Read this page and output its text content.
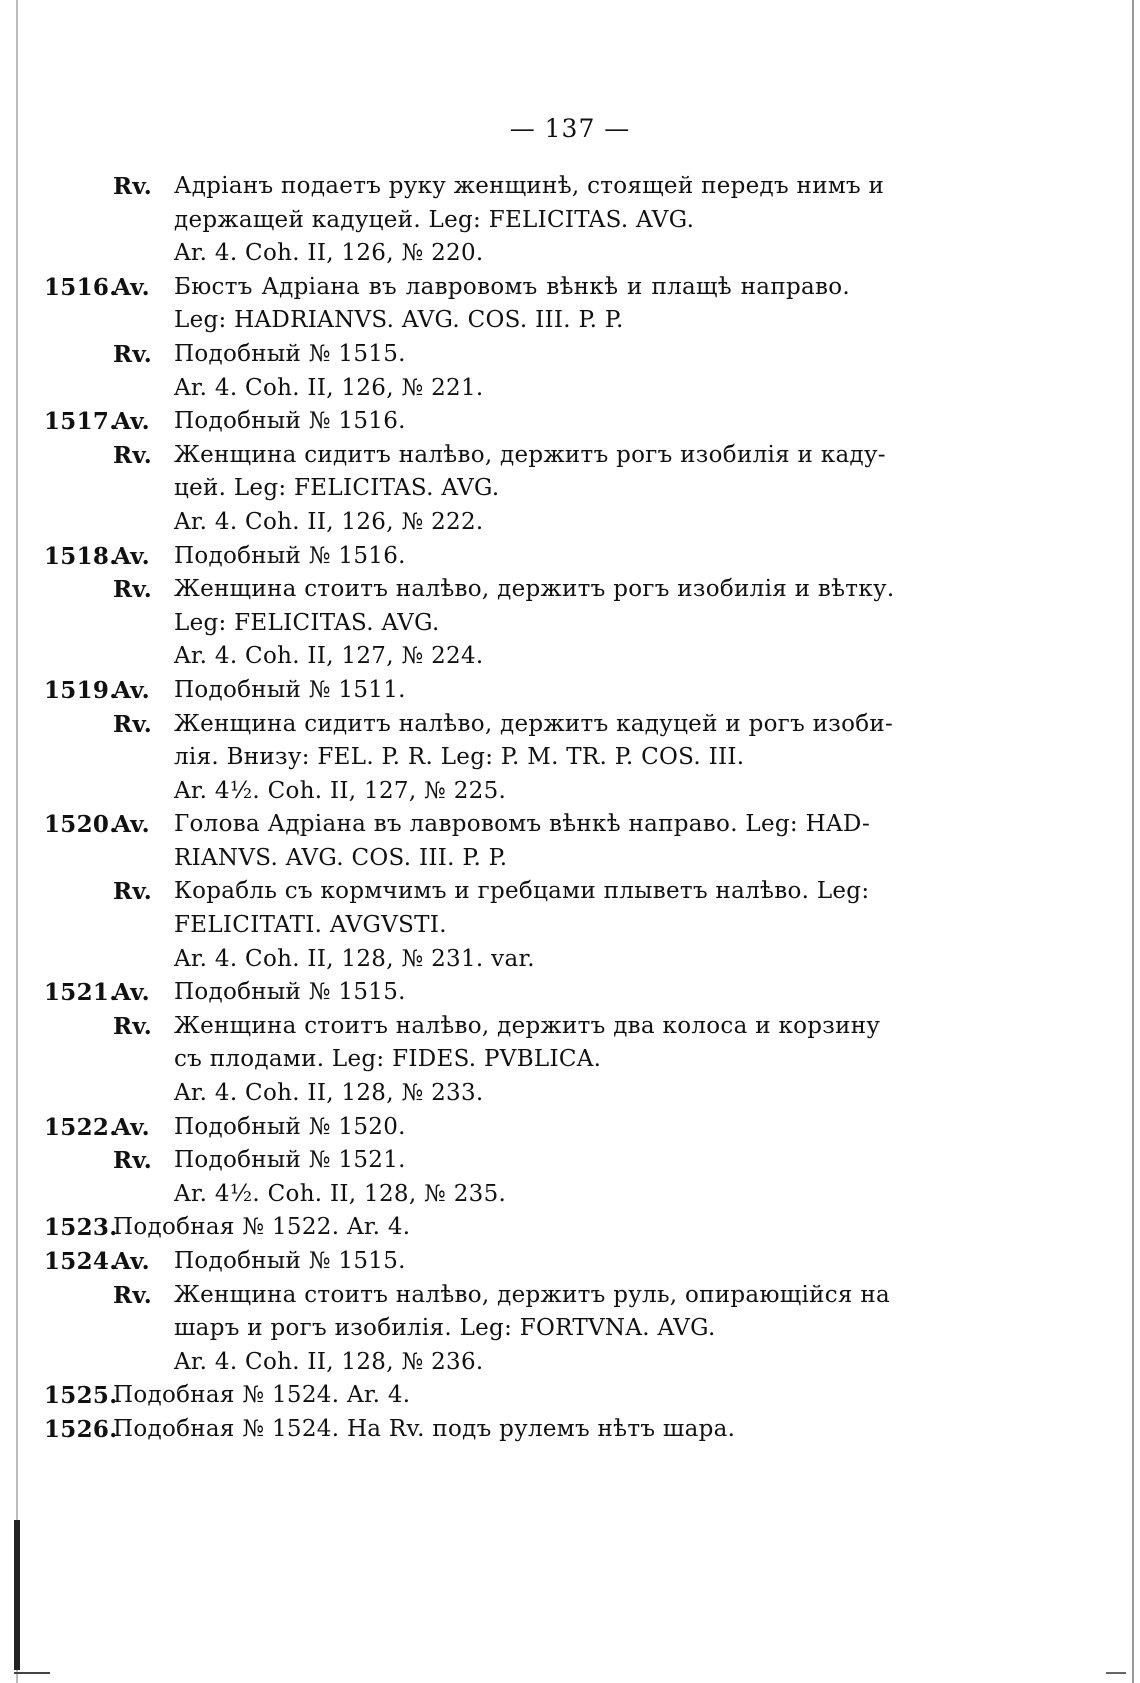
— 137 —
Rv. Адріанъ подаетъ руку женщинѣ, стоящей передъ нимъ и
держащей кадуцей. Leg: FELICITAS. AVG.
Ar. 4. Coh. II, 126, № 220.
1516.
Av. Бюстъ Адріана въ лавровомъ вѣнкѣ и плащѣ направо.
Leg: HADRIANVS. AVG. COS. III. P. P.
Rv. Подобный № 1515.
Ar. 4. Coh. II, 126, № 221.
1517.
Av. Подобный № 1516.
Rv. Женщина сидитъ налѣво, держитъ рогъ изобилія и каду-
цей. Leg: FELICITAS. AVG.
Ar. 4. Coh. II, 126, № 222.
1518.
Av. Подобный № 1516.
Rv. Женщина стоитъ налѣво, держитъ рогъ изобилія и вѣтку.
Leg: FELICITAS. AVG.
Ar. 4. Coh. II, 127, № 224.
1519.
Av. Подобный № 1511.
Rv. Женщина сидитъ налѣво, держитъ кадуцей и рогъ изоби-
лія. Внизу: FEL. P. R. Leg: P. M. TR. P. COS. III.
Ar. 4½. Coh. II, 127, № 225.
1520.
Av. Голова Адріана въ лавровомъ вѣнкѣ направо. Leg: HAD-
RIANVS. AVG. COS. III. P. P.
Rv. Корабль съ кормчимъ и гребцами плыветъ налѣво. Leg:
FELICITATI. AVGVSTI.
Ar. 4. Coh. II, 128, № 231. var.
1521.
Av. Подобный № 1515.
Rv. Женщина стоитъ налѣво, держитъ два колоса и корзину
съ плодами. Leg: FIDES. PVBLICA.
Ar. 4. Coh. II, 128, № 233.
1522.
Av. Подобный № 1520.
Rv. Подобный № 1521.
Ar. 4½. Coh. II, 128, № 235.
1523.
Подобная № 1522. Ar. 4.
1524.
Av. Подобный № 1515.
Rv. Женщина стоитъ налѣво, держитъ руль, опирающійся на
шаръ и рогъ изобилія. Leg: FORTVNA. AVG.
Ar. 4. Coh. II, 128, № 236.
1525.
Подобная № 1524. Ar. 4.
1526.
Подобная № 1524. На Rv. подъ рулемъ нѣтъ шара.
